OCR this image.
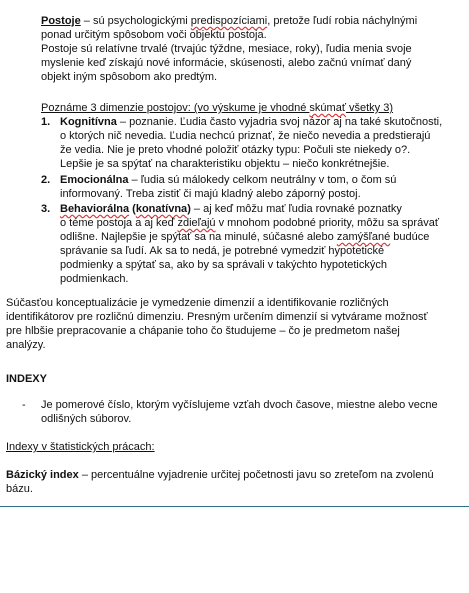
Postoje – sú psychologickými predispozíciami, pretože ľudí robia náchylnými
ponad určitým spôsobom voči objektu postoja.
Postoje sú relatívne trvalé (trvajúc týždne, mesiace, roky), ľudia menia svoje
myslenie keď získajú nové informácie, skúsenosti, alebo začnú vnímať daný
objekt iným spôsobom ako predtým.
Poznáme 3 dimenzie postojov: (vo výskume je vhodné skúmať všetky 3)
1. Kognitívna – poznanie. Ľudia často vyjadria svoj názor aj na také skutočnosti,
o ktorých nič nevedia. Ľudia nechcú priznať, že niečo nevedia a predstierajú
že vedia. Nie je preto vhodné položiť otázky typu: Počuli ste niekedy o?.
Lepšie je sa spýtať na charakteristiku objektu – niečo konkrétnejšie.
2. Emocionálna – ľudia sú málokedy celkom neutrálny v tom, o čom sú
informovaný. Treba zistiť či majú kladný alebo záporný postoj.
3. Behaviorálna (konatívna) – aj keď môžu mať ľudia rovnaké poznatky
o téme postoja a aj keď zdieľajú v mnohom podobné priority, môžu sa správať
odlišne. Najlepšie je spýtať sa na minulé, súčasné alebo zamýšľané budúce
správanie sa ľudí. Ak sa to nedá, je potrebné vymedziť hypotetické
podmienky a spýtať sa, ako by sa správali v takýchto hypotetických
podmienkach.
Súčasťou konceptualizácie je vymedzenie dimenzií a identifikovanie rozličných
identifikátorov pre rozličnú dimenziu. Presným určením dimenzií si vytvárame možnosť
pre hlbšie prepracovanie a chápanie toho čo študujeme – čo je predmetom našej
analýzy.
INDEXY
- Je pomerové číslo, ktorým vyčíslujeme vzťah dvoch časove, miestne alebo vecne
odlišných súborov.
Indexy v štatistických prácach:
Bázický index – percentuálne vyjadrenie určitej početnosti javu so zreteľom na zvolenú
bázu.
